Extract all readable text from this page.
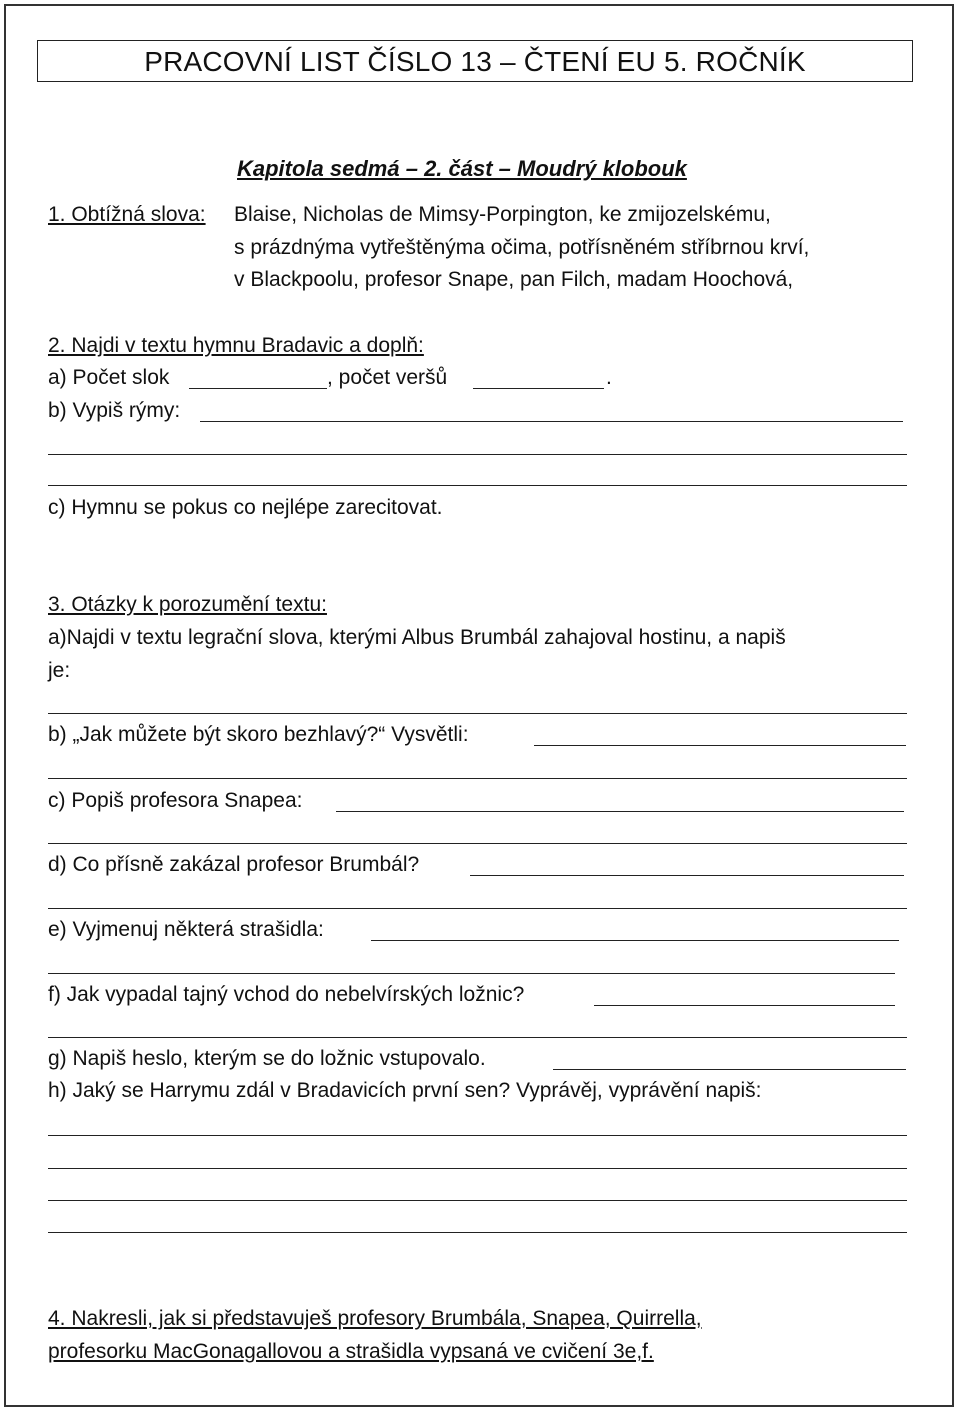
PRACOVNÍ LIST ČÍSLO 13 – ČTENÍ EU 5. ROČNÍK
Kapitola sedmá – 2. část – Moudrý klobouk
1. Obtížná slova: Blaise, Nicholas de Mimsy-Porpington, ke zmijozelskému,
s prázdnýma vytřeštěnýma očima, potřísněném stříbrnou krví,
v Blackpoolu, profesor Snape, pan Filch, madam Hoochová,
2. Najdi v textu hymnu Bradavic a doplň:
a) Počet slok	, počet veršů	.
b) Vypiš rýmy:
c) Hymnu se pokus co nejlépe zarecitovat.
3. Otázky k porozumění textu:
a)Najdi v textu legrační slova, kterými Albus Brumbál zahajoval hostinu, a napiš
je:
b) „Jak můžete být skoro bezhlavý?“ Vysvětli:
c) Popiš profesora Snapea:
d) Co přísně zakázal profesor Brumbál?
e) Vyjmenuj některá strašidla:
f) Jak vypadal tajný vchod do nebelvírských ložnic?
g) Napiš heslo, kterým se do ložnic vstupovalo.
h) Jaký se Harrymu zdál v Bradavicích první sen? Vyprávěj, vyprávění napiš:
4. Nakresli, jak si představuješ profesory Brumbála, Snapea, Quirrella,
profesorku MacGonagallovou a strašidla vypsaná ve cvičení 3e,f.
